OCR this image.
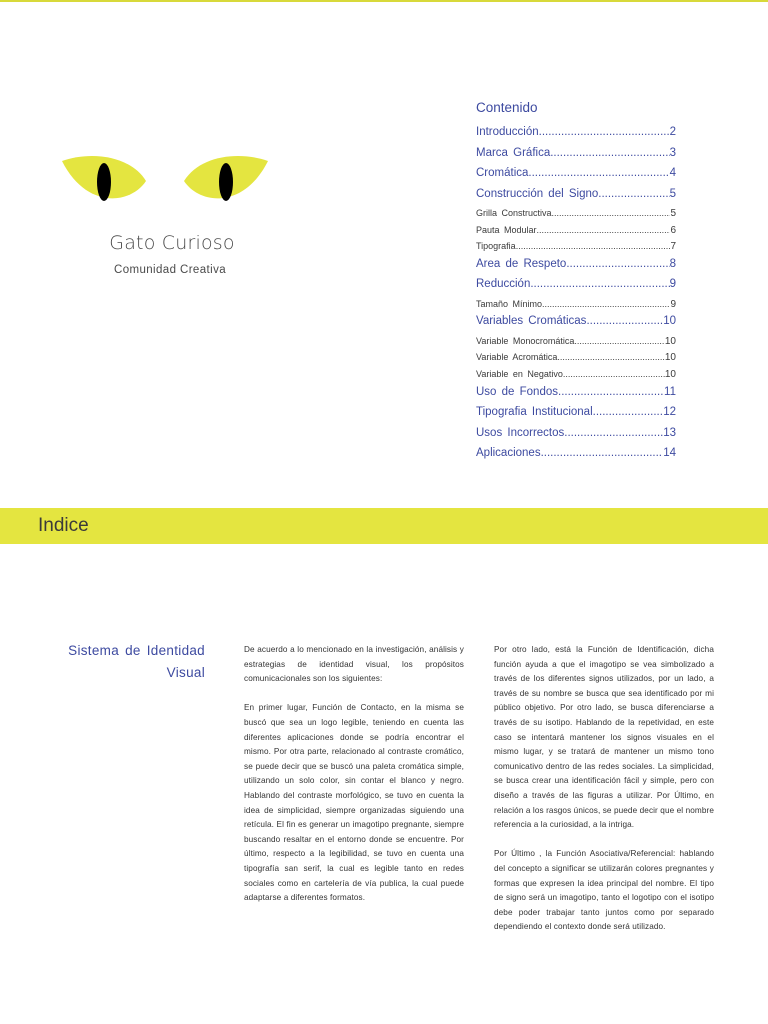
Gato Curioso
Comunidad Creativa
Contenido
Introducción .....	2
Marca Gráfica .....	3
Cromática .....	4
Construcción del Signo .....	5
Grilla Constructiva .....	5
Pauta Modular .....	6
Tipografia .....	7
Area de Respeto .....	8
Reducción .....	9
Tamaño Mínimo .....	9
Variables Cromáticas .....	10
Variable Monocromática .....	10
Variable Acromática .....	10
Variable en Negativo .....	10
Uso de Fondos .....	11
Tipografia Institucional .....	12
Usos Incorrectos .....	13
Aplicaciones .....	14
Indice
Sistema de Identidad Visual

De acuerdo a lo mencionado en la investigación, análisis y estrategias de identidad visual, los propósitos comunicacionales son los siguientes:

En primer lugar, Función de Contacto, en la misma se buscó que sea un logo legible, teniendo en cuenta las diferentes aplicaciones donde se podría encontrar el mismo. Por otra parte, relacionado al contraste cromático, se puede decir que se buscó una paleta cromática simple, utilizando un solo color, sin contar el blanco y negro. Hablando del contraste morfológico, se tuvo en cuenta la idea de simplicidad, siempre organizadas siguiendo una retícula. El fin es generar un imagotipo pregnante, siempre buscando resaltar en el entorno donde se encuentre. Por último, respecto a la legibilidad, se tuvo en cuenta una tipografía san serif, la cual es legible tanto en redes sociales como en cartelería de vía publica, la cual puede adaptarse a diferentes formatos.

Por otro lado, está la Función de Identificación, dicha función ayuda a que el imagotipo se vea simbolizado a través de los diferentes signos utilizados, por un lado, a través de su nombre se busca que sea identificado por mi público objetivo. Por otro lado, se busca diferenciarse a través de su isotipo. Hablando de la repetividad, en este caso se intentará mantener los signos visuales en el mismo lugar, y se tratará de mantener un mismo tono comunicativo dentro de las redes sociales. La simplicidad, se busca crear una identificación fácil y simple, pero con diseño a través de las figuras a utilizar. Por Último, en relación a los rasgos únicos, se puede decir que el nombre referencia a la curiosidad, a la intriga.

Por Último , la Función Asociativa/Referencial: hablando del concepto a significar se utilizarán colores pregnantes y formas que expresen la idea principal del nombre. El tipo de signo será un imagotipo, tanto el logotipo con el isotipo debe poder trabajar tanto juntos como por separado dependiendo el contexto donde será utilizado.
